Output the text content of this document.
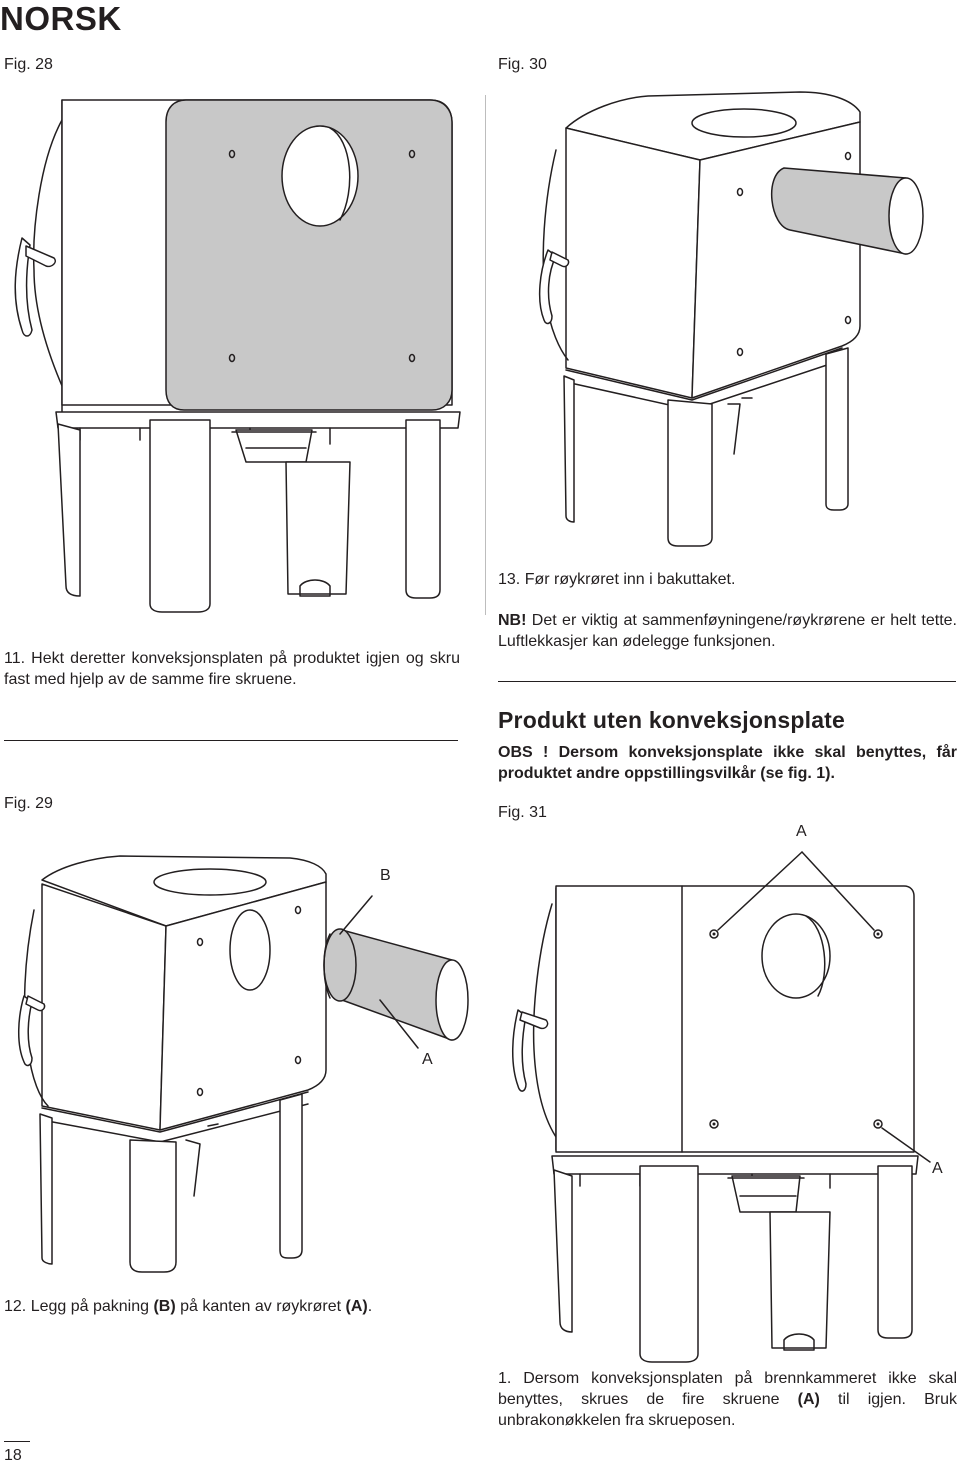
NORSK
Fig. 28	Fig. 30
Fig. 29
Fig. 31
B
A
A
A
11. Hekt deretter konveksjonsplaten på produktet igjen og skru fast med hjelp av de samme fire skruene.
13. Før røykrøret inn i bakuttaket.
NB! Det er viktig at sammenføyningene/røykrørene er helt tette. Luftlekkasjer kan ødelegge funksjonen.
Produkt uten konveksjonsplate
OBS ! Dersom konveksjonsplate ikke skal benyttes, får produktet andre oppstillingsvilkår (se fig. 1).
12. Legg på pakning (B) på kanten av røykrøret (A).
1. Dersom konveksjonsplaten på brennkammeret ikke skal benyttes, skrues de fire skruene (A) til igjen. Bruk unbrakonøkkelen fra skrueposen.
18
